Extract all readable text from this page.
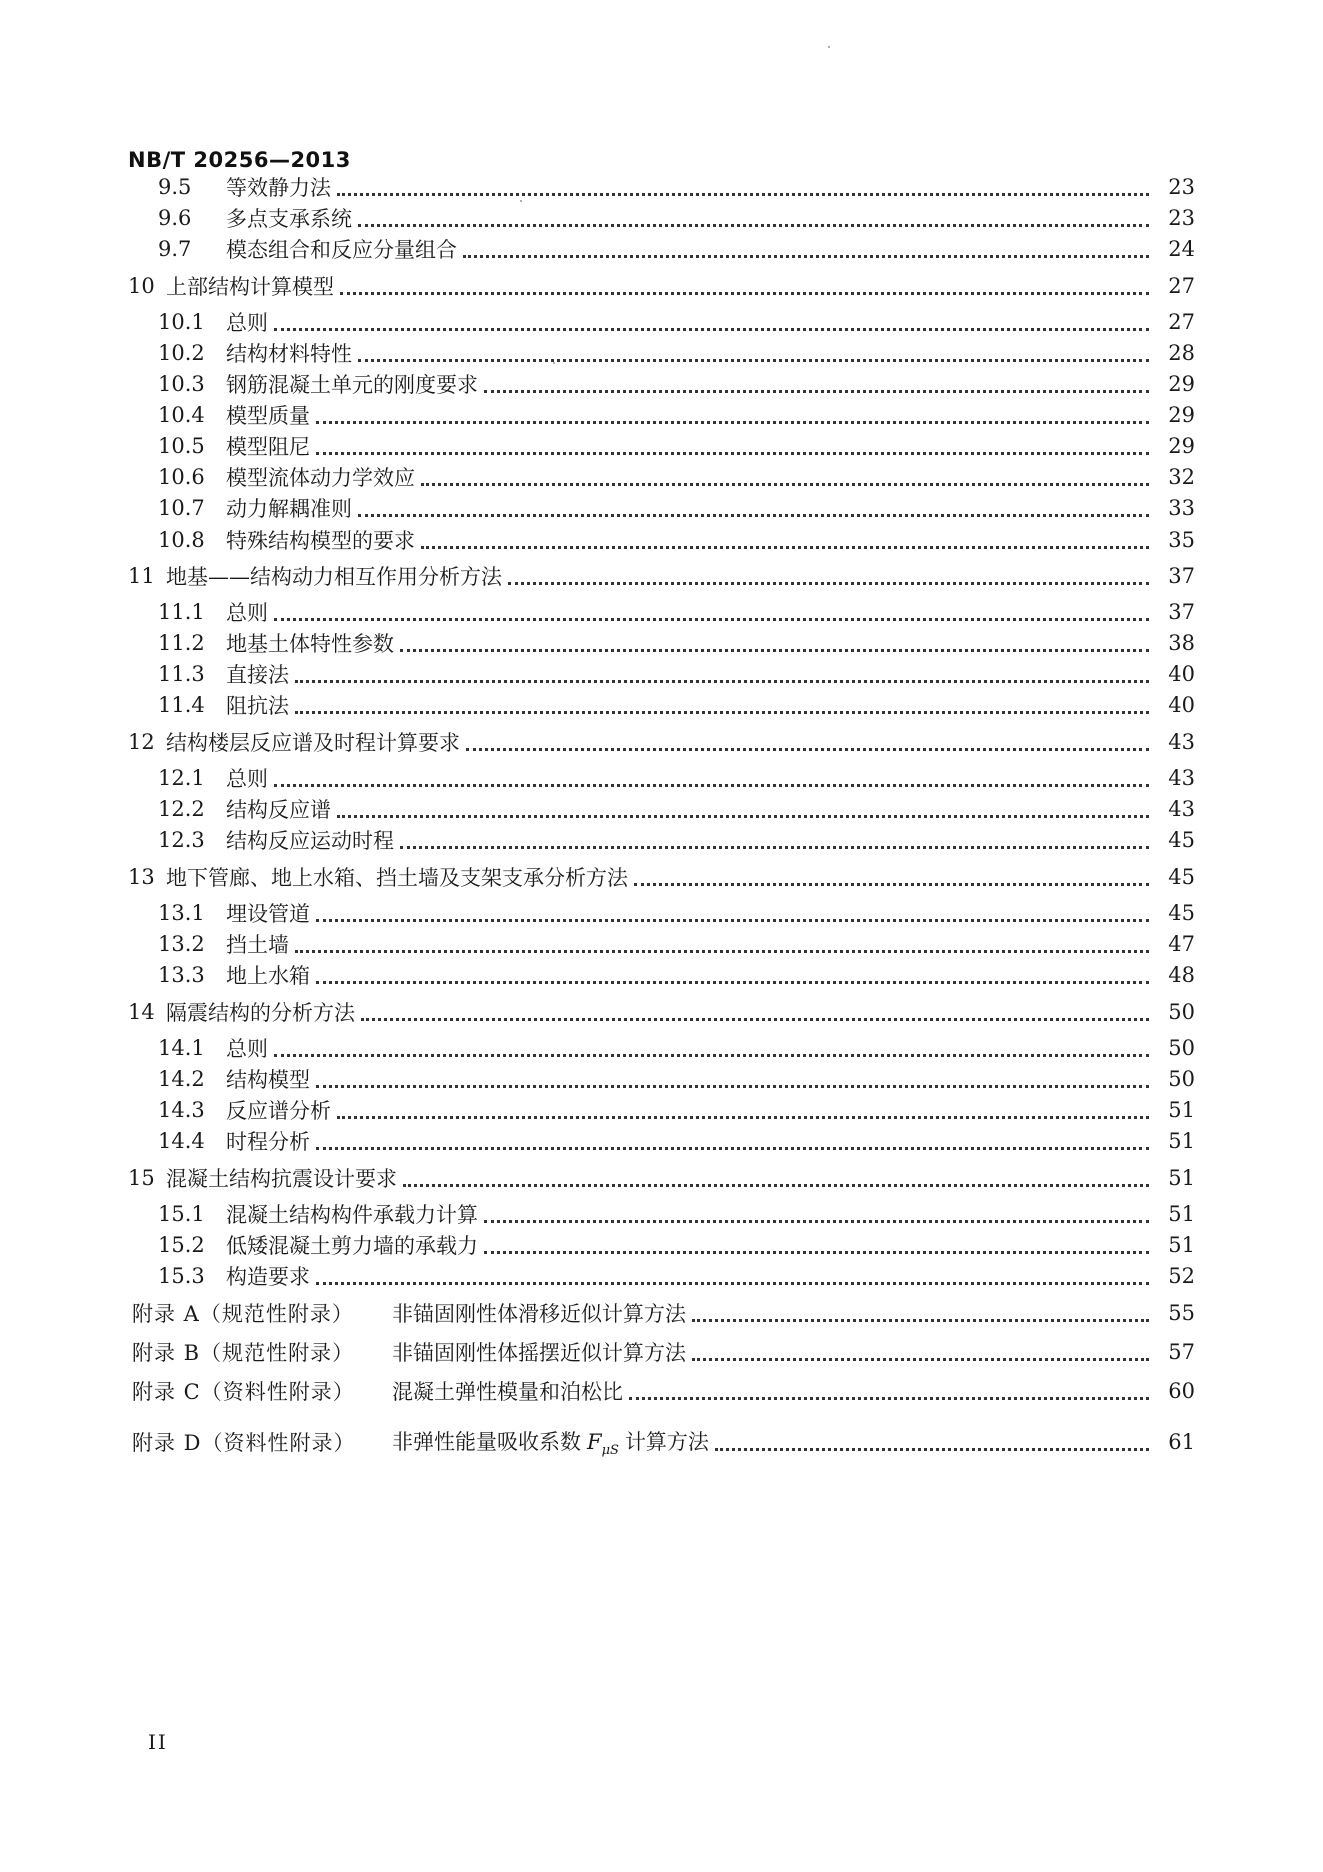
NB/T 20256—2013
9.5	等效静力法	23
9.6	多点支承系统	23
9.7	模态组合和反应分量组合	24
10 上部结构计算模型	27
10.1	总则	27
10.2	结构材料特性	28
10.3	钢筋混凝土单元的刚度要求	29
10.4	模型质量	29
10.5	模型阻尼	29
10.6	模型流体动力学效应	32
10.7	动力解耦准则	33
10.8	特殊结构模型的要求	35
11 地基——结构动力相互作用分析方法	37
11.1	总则	37
11.2	地基土体特性参数	38
11.3	直接法	40
11.4	阻抗法	40
12 结构楼层反应谱及时程计算要求	43
12.1	总则	43
12.2	结构反应谱	43
12.3	结构反应运动时程	45
13 地下管廊、地上水箱、挡土墙及支架支承分析方法	45
13.1	埋设管道	45
13.2	挡土墙	47
13.3	地上水箱	48
14 隔震结构的分析方法	50
14.1	总则	50
14.2	结构模型	50
14.3	反应谱分析	51
14.4	时程分析	51
15 混凝土结构抗震设计要求	51
15.1	混凝土结构构件承载力计算	51
15.2	低矮混凝土剪力墙的承载力	51
15.3	构造要求	52
附录 A（规范性附录）	非锚固刚性体滑移近似计算方法	55
附录 B（规范性附录）	非锚固刚性体摇摆近似计算方法	57
附录 C（资料性附录）	混凝土弹性模量和泊松比	60
附录 D（资料性附录）	非弹性能量吸收系数 $F_{\mu S}$ 计算方法	61
II
